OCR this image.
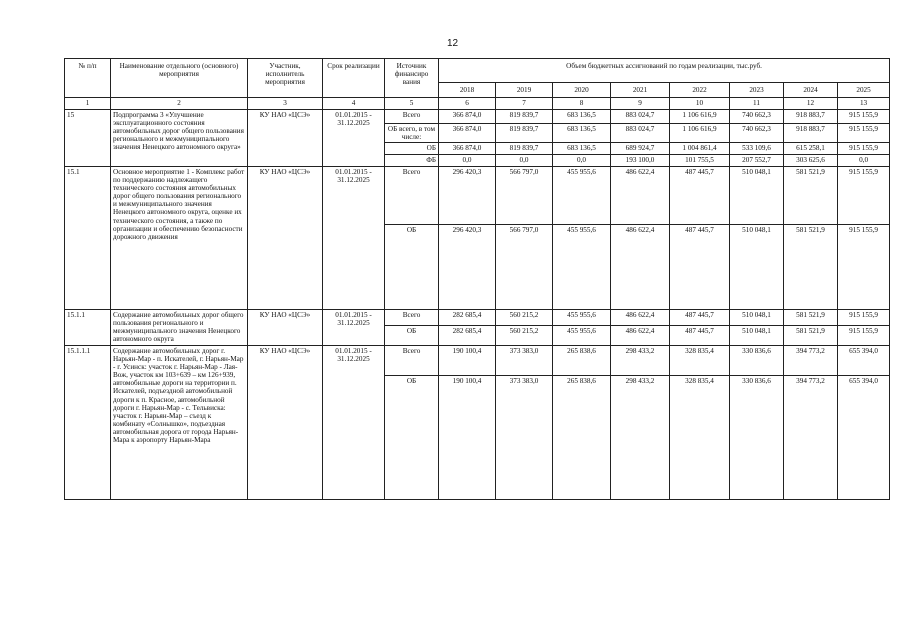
12
№ п/п	Наименование отдельного (основного) мероприятия	Участник, исполнитель мероприятия	Срок реализации	Источник финансиро вания	Объем бюджетных ассигнований по годам реализации, тыс.руб.							
					2018	2019	2020	2021	2022	2023	2024	2025
1	2	3	4	5	6	7	8	9	10	11	12	13
15	Подпрограмма 3 «Улучшение эксплуатационного состояния автомобильных дорог общего пользования регионального и межмуниципального значения Ненецкого автономного округа»	КУ НАО «ЦСЭ»	01.01.2015 - 31.12.2025	Всего	366 874,0	819 839,7	683 136,5	883 024,7	1 106 616,9	740 662,3	918 883,7	915 155,9
				ОБ всего, в том числе:	366 874,0	819 839,7	683 136,5	883 024,7	1 106 616,9	740 662,3	918 883,7	915 155,9
				ОБ	366 874,0	819 839,7	683 136,5	689 924,7	1 004 861,4	533 109,6	615 258,1	915 155,9
				ФБ	0,0	0,0	0,0	193 100,0	101 755,5	207 552,7	303 625,6	0,0
15.1	Основное мероприятие 1 - Комплекс работ по поддержанию надлежащего технического состояния автомобильных дорог общего пользования регионального и межмуниципального значения Ненецкого автономного округа, оценке их технического состояния, а также по организации и обеспечению безопасности дорожного движения	КУ НАО «ЦСЭ»	01.01.2015 - 31.12.2025	Всего	296 420,3	566 797,0	455 955,6	486 622,4	487 445,7	510 048,1	581 521,9	915 155,9
				ОБ	296 420,3	566 797,0	455 955,6	486 622,4	487 445,7	510 048,1	581 521,9	915 155,9
15.1.1	Содержание автомобильных дорог общего пользования регионального и межмуниципального значения Ненецкого автономного округа	КУ НАО «ЦСЭ»	01.01.2015 - 31.12.2025	Всего	282 685,4	560 215,2	455 955,6	486 622,4	487 445,7	510 048,1	581 521,9	915 155,9
				ОБ	282 685,4	560 215,2	455 955,6	486 622,4	487 445,7	510 048,1	581 521,9	915 155,9
15.1.1.1	Содержание автомобильных дорог г. Нарьян-Мар - п. Искателей, г. Нарьян-Мар - г. Усинск: участок г. Нарьян-Мар - Лая-Вож, участок км 103+639 – км 126+939, автомобильные дороги на территории п. Искателей, подъездной автомобильной дороги к п. Красное, автомобильной дороги г. Нарьян-Мар - с. Тельвиска: участок г. Нарьян-Мар – съезд к комбинату «Солнышко», подъездная автомобильная дорога от города Нарьян-Мара к аэропорту Нарьян-Мара	КУ НАО «ЦСЭ»	01.01.2015 - 31.12.2025	Всего	190 100,4	373 383,0	265 838,6	298 433,2	328 835,4	330 836,6	394 773,2	655 394,0
				ОБ	190 100,4	373 383,0	265 838,6	298 433,2	328 835,4	330 836,6	394 773,2	655 394,0
